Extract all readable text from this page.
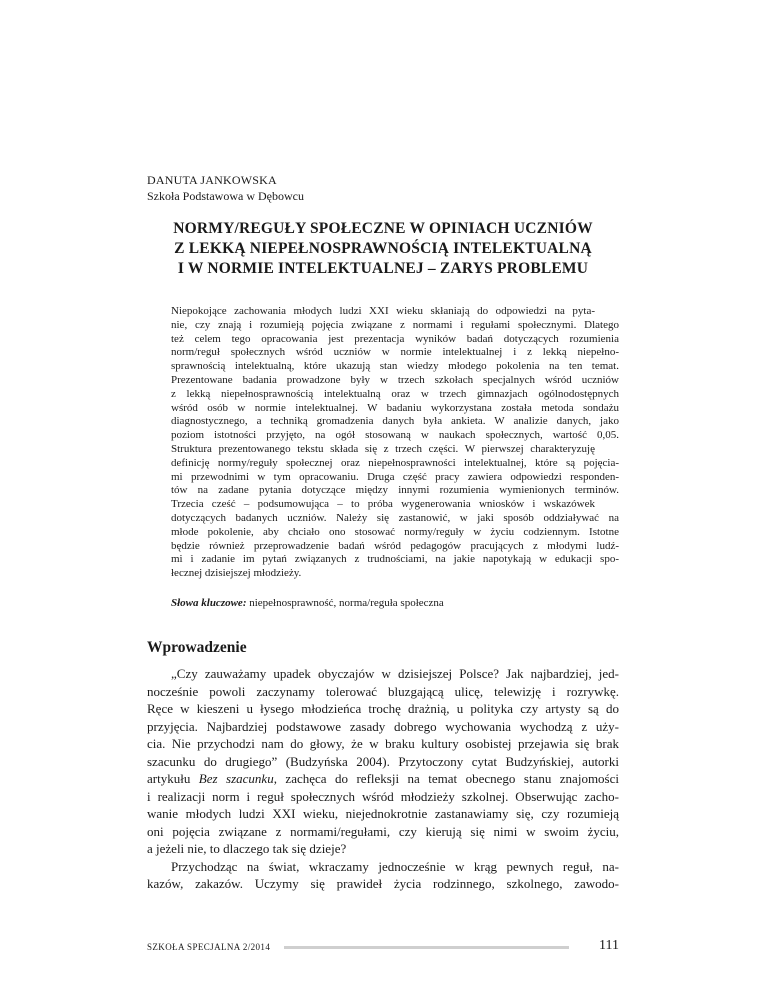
DANUTA JANKOWSKA
Szkoła Podstawowa w Dębowcu
NORMY/REGUŁY SPOŁECZNE W OPINIACH UCZNIÓW
Z LEKKĄ NIEPEŁNOSPRAWNOŚCIĄ INTELEKTUALNĄ
I W NORMIE INTELEKTUALNEJ – ZARYS PROBLEMU

Niepokojące zachowania młodych ludzi XXI wieku skłaniają do odpowiedzi na pyta-
nie, czy znają i rozumieją pojęcia związane z normami i regułami społecznymi. Dlatego
też celem tego opracowania jest prezentacja wyników badań dotyczących rozumienia
norm/reguł społecznych wśród uczniów w normie intelektualnej i z lekką niepełno-
sprawnością intelektualną, które ukazują stan wiedzy młodego pokolenia na ten temat.
Prezentowane badania prowadzone były w trzech szkołach specjalnych wśród uczniów
z lekką niepełnosprawnością intelektualną oraz w trzech gimnazjach ogólnodostępnych
wśród osób w normie intelektualnej. W badaniu wykorzystana została metoda sondażu
diagnostycznego, a techniką gromadzenia danych była ankieta. W analizie danych, jako
poziom istotności przyjęto, na ogół stosowaną w naukach społecznych, wartość 0,05.

Struktura prezentowanego tekstu składa się z trzech części. W pierwszej charakteryzuję
definicję normy/reguły społecznej oraz niepełnosprawności intelektualnej, które są pojęcia-
mi przewodnimi w tym opracowaniu. Druga część pracy zawiera odpowiedzi responden-
tów na zadane pytania dotyczące między innymi rozumienia wymienionych terminów.

Trzecia cześć – podsumowująca – to próba wygenerowania wniosków i wskazówek
dotyczących badanych uczniów. Należy się zastanowić, w jaki sposób oddziaływać na
młode pokolenie, aby chciało ono stosować normy/reguły w życiu codziennym. Istotne
będzie również przeprowadzenie badań wśród pedagogów pracujących z młodymi ludź-
mi i zadanie im pytań związanych z trudnościami, na jakie napotykają w edukacji spo-
łecznej dzisiejszej młodzieży.

Słowa kluczowe: niepełnosprawność, norma/reguła społeczna
Wprowadzenie
„Czy zauważamy upadek obyczajów w dzisiejszej Polsce? Jak najbardziej, jed-
nocześnie powoli zaczynamy tolerować bluzgającą ulicę, telewizję i rozrywkę.
Ręce w kieszeni u łysego młodzieńca trochę drażnią, u polityka czy artysty są do
przyjęcia. Najbardziej podstawowe zasady dobrego wychowania wychodzą z uży-
cia. Nie przychodzi nam do głowy, że w braku kultury osobistej przejawia się brak
szacunku do drugiego” (Budzyńska 2004). Przytoczony cytat Budzyńskiej, autorki
artykułu Bez szacunku, zachęca do refleksji na temat obecnego stanu znajomości
i realizacji norm i reguł społecznych wśród młodzieży szkolnej. Obserwując zacho-
wanie młodych ludzi XXI wieku, niejednokrotnie zastanawiamy się, czy rozumieją
oni pojęcia związane z normami/regułami, czy kierują się nimi w swoim życiu,
a jeżeli nie, to dlaczego tak się dzieje?
Przychodząc na świat, wkraczamy jednocześnie w krąg pewnych reguł, na-
kazów, zakazów. Uczymy się prawideł życia rodzinnego, szkolnego, zawodo-
SZKOŁA SPECJALNA 2/2014	111
